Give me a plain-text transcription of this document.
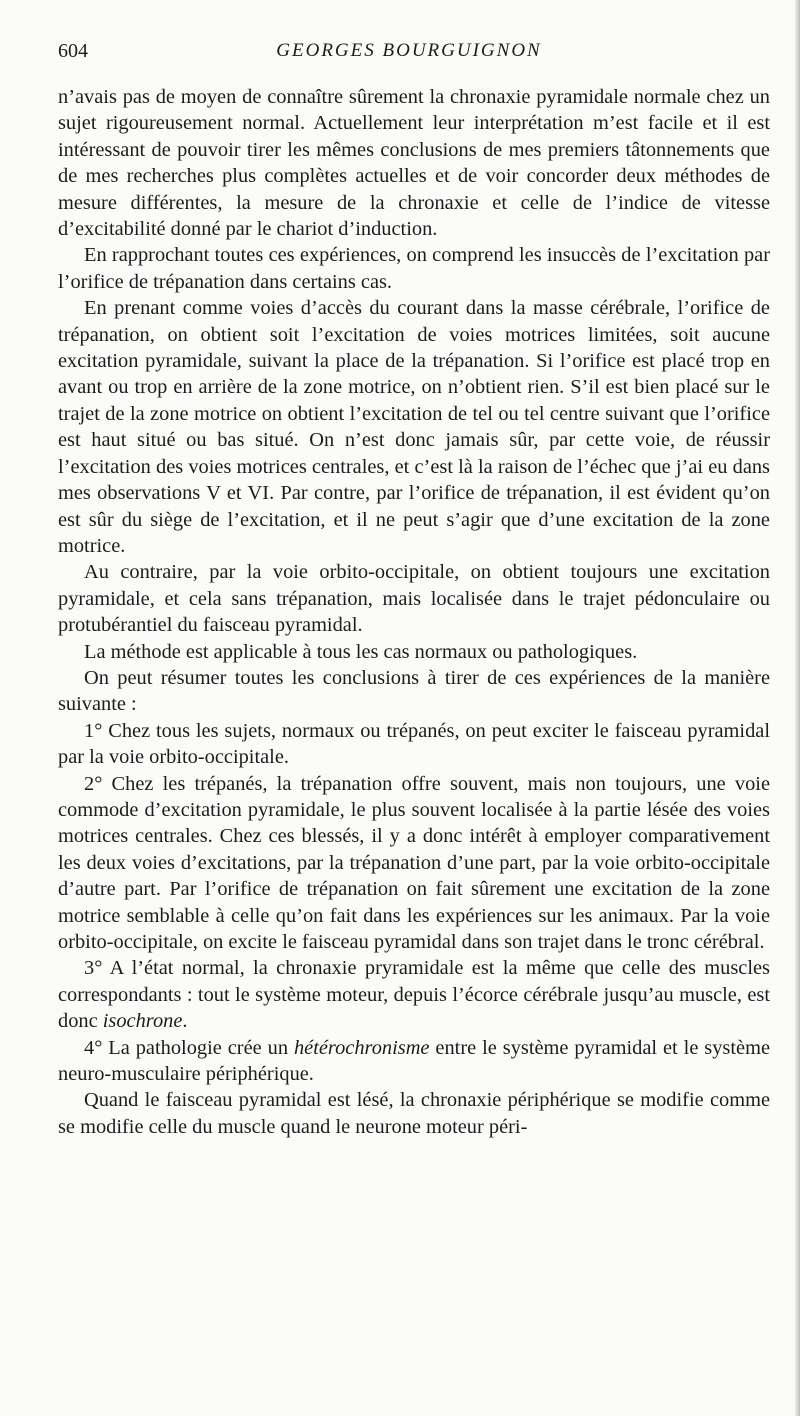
604	GEORGES BOURGUIGNON

n’avais pas de moyen de connaître sûrement la chronaxie pyramidale normale chez un sujet rigoureusement normal. Actuellement leur interprétation m’est facile et il est intéressant de pouvoir tirer les mêmes conclusions de mes premiers tâtonnements que de mes recherches plus complètes actuelles et de voir concorder deux méthodes de mesure différentes, la mesure de la chronaxie et celle de l’indice de vitesse d’excitabilité donné par le chariot d’induction.

En rapprochant toutes ces expériences, on comprend les insuccès de l’excitation par l’orifice de trépanation dans certains cas.

En prenant comme voies d’accès du courant dans la masse cérébrale, l’orifice de trépanation, on obtient soit l’excitation de voies motrices limitées, soit aucune excitation pyramidale, suivant la place de la trépanation. Si l’orifice est placé trop en avant ou trop en arrière de la zone motrice, on n’obtient rien. S’il est bien placé sur le trajet de la zone motrice on obtient l’excitation de tel ou tel centre suivant que l’orifice est haut situé ou bas situé. On n’est donc jamais sûr, par cette voie, de réussir l’excitation des voies motrices centrales, et c’est là la raison de l’échec que j’ai eu dans mes observations V et VI. Par contre, par l’orifice de trépanation, il est évident qu’on est sûr du siège de l’excitation, et il ne peut s’agir que d’une excitation de la zone motrice.

Au contraire, par la voie orbito-occipitale, on obtient toujours une excitation pyramidale, et cela sans trépanation, mais localisée dans le trajet pédonculaire ou protubérantiel du faisceau pyramidal.

La méthode est applicable à tous les cas normaux ou pathologiques.

On peut résumer toutes les conclusions à tirer de ces expériences de la manière suivante :

1° Chez tous les sujets, normaux ou trépanés, on peut exciter le faisceau pyramidal par la voie orbito-occipitale.

2° Chez les trépanés, la trépanation offre souvent, mais non toujours, une voie commode d’excitation pyramidale, le plus souvent localisée à la partie lésée des voies motrices centrales. Chez ces blessés, il y a donc intérêt à employer comparativement les deux voies d’excitations, par la trépanation d’une part, par la voie orbito-occipitale d’autre part. Par l’orifice de trépanation on fait sûrement une excitation de la zone motrice semblable à celle qu’on fait dans les expériences sur les animaux. Par la voie orbito-occipitale, on excite le faisceau pyramidal dans son trajet dans le tronc cérébral.

3° A l’état normal, la chronaxie pryramidale est la même que celle des muscles correspondants : tout le système moteur, depuis l’écorce cérébrale jusqu’au muscle, est donc isochrone.

4° La pathologie crée un hétérochronisme entre le système pyramidal et le système neuro-musculaire périphérique.

Quand le faisceau pyramidal est lésé, la chronaxie périphérique se modifie comme se modifie celle du muscle quand le neurone moteur péri-
